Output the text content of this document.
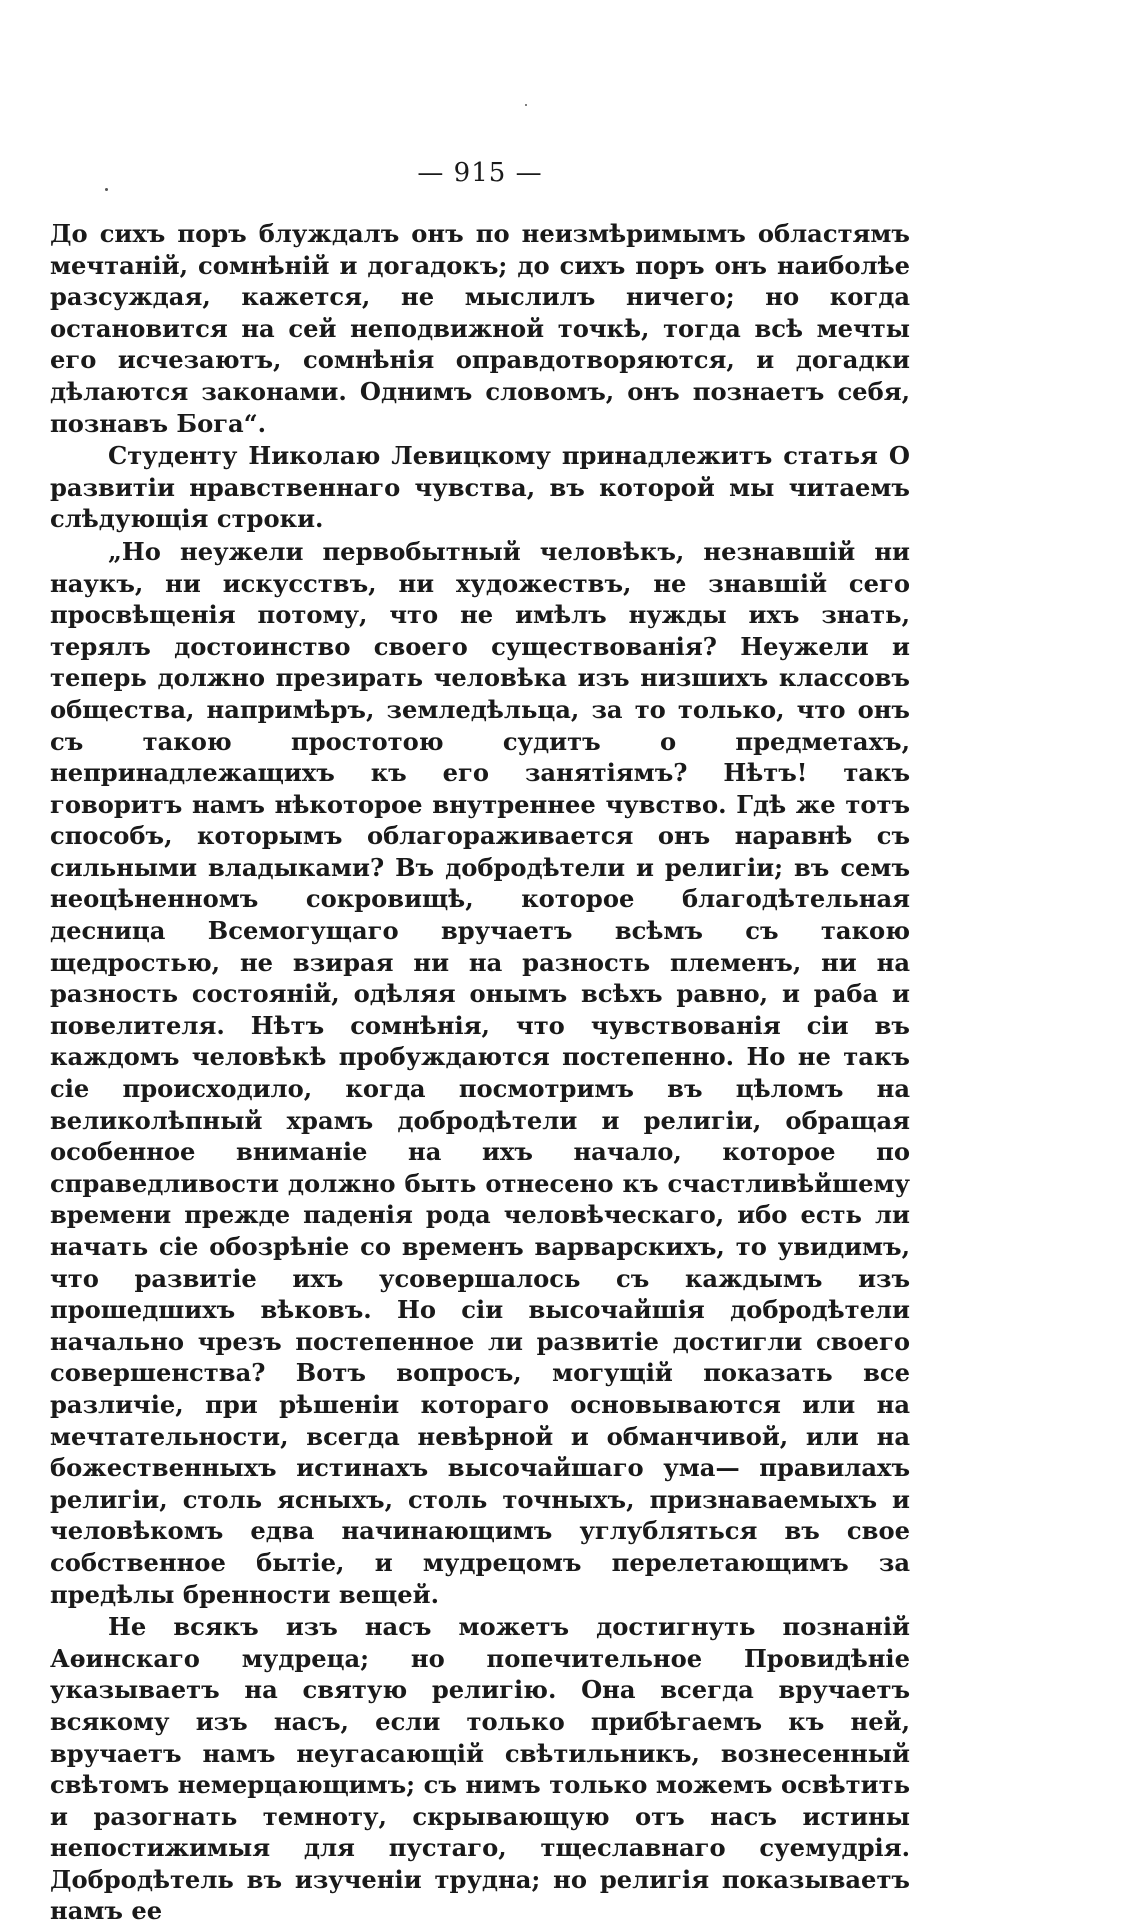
— 915 —

До сихъ поръ блуждалъ онъ по неизмѣримымъ областямъ мечтаній, сомнѣній и догадокъ; до сихъ поръ онъ наиболѣе разсуждая, кажется, не мыслилъ ничего; но когда остановится на сей неподвижной точкѣ, тогда всѣ мечты его исчезаютъ, сомнѣнія оправдотворяются, и догадки дѣлаются законами. Однимъ словомъ, онъ познаетъ себя, познавъ Бога“.

Студенту Николаю Левицкому принадлежитъ статья О развитіи нравственнаго чувства, въ которой мы читаемъ слѣдующія строки.

„Но неужели первобытный человѣкъ, незнавшій ни наукъ, ни искусствъ, ни художествъ, не знавшій сего просвѣщенія потому, что не имѣлъ нужды ихъ знать, терялъ достоинство своего существованія? Неужели и теперь должно презирать человѣка изъ низшихъ классовъ общества, напримѣръ, земледѣльца, за то только, что онъ съ такою простотою судитъ о предметахъ, непринадлежащихъ къ его занятіямъ? Нѣтъ! такъ говоритъ намъ нѣкоторое внутреннее чувство. Гдѣ же тотъ способъ, которымъ облагораживается онъ наравнѣ съ сильными владыками? Въ добродѣтели и религіи; въ семъ неоцѣненномъ сокровищѣ, которое благодѣтельная десница Всемогущаго вручаетъ всѣмъ съ такою щедростью, не взирая ни на разность племенъ, ни на разность состояній, одѣляя онымъ всѣхъ равно, и раба и повелителя. Нѣтъ сомнѣнія, что чувствованія сіи въ каждомъ человѣкѣ пробуждаются постепенно. Но не такъ сіе происходило, когда посмотримъ въ цѣломъ на великолѣпный храмъ добродѣтели и религіи, обращая особенное вниманіе на ихъ начало, которое по справедливости должно быть отнесено къ счастливѣйшему времени прежде паденія рода человѣческаго, ибо есть ли начать сіе обозрѣніе со временъ варварскихъ, то увидимъ, что развитіе ихъ усовершалось съ каждымъ изъ прошедшихъ вѣковъ. Но сіи высочайшія добродѣтели начально чрезъ постепенное ли развитіе достигли своего совершенства? Вотъ вопросъ, могущій показать все различіе, при рѣшеніи котораго основываются или на мечтательности, всегда невѣрной и обманчивой, или на божественныхъ истинахъ высочайшаго ума— правилахъ религіи, столь ясныхъ, столь точныхъ, признаваемыхъ и человѣкомъ едва начинающимъ углубляться въ свое собственное бытіе, и мудрецомъ перелетающимъ за предѣлы бренности вещей.

Не всякъ изъ насъ можетъ достигнуть познаній Аѳинскаго мудреца; но попечительное Провидѣніе указываетъ на святую религію. Она всегда вручаетъ всякому изъ насъ, если только прибѣгаемъ къ ней, вручаетъ намъ неугасающій свѣтильникъ, вознесенный свѣтомъ немерцающимъ; съ нимъ только можемъ освѣтить и разогнать темноту, скрывающую отъ насъ истины непостижимыя для пустаго, тщеславнаго суемудрія. Добродѣтель въ изученіи трудна; но религія показываетъ намъ ее
